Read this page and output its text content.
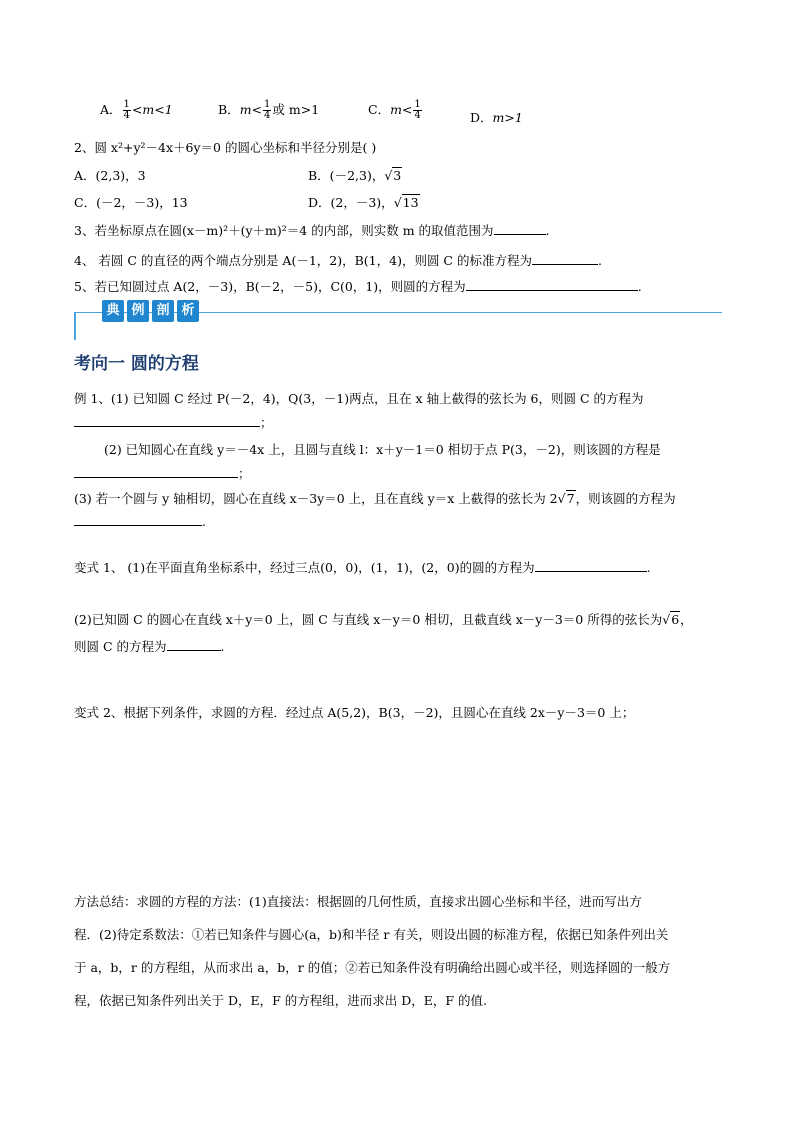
A． $\frac{1}{4} <m<1$	B．$m< \frac{1}{4}$ 或 m>1	C．$m< \frac{1}{4}$	D．m>1
2、圆 x²+y²－4x＋6y＝0 的圆心坐标和半径分别是( )
A．(2,3)，3	B．(－2,3)，√3
C．(－2，－3)，13	D．(2，－3)，√13
3、若坐标原点在圆(x－m)²＋(y＋m)²＝4 的内部，则实数 m 的取值范围为	.
4、 若圆 C 的直径的两个端点分别是 A(－1，2)，B(1，4)，则圆 C 的标准方程为	.
5、若已知圆过点 A(2，－3)，B(－2，－5)，C(0，1)，则圆的方程为	.
典 例 剖 析
考向一 圆的方程
例 1、(1) 已知圆 C 经过 P(－2，4)，Q(3，－1)两点，且在 x 轴上截得的弦长为 6，则圆 C 的方程为
；
(2) 已知圆心在直线 y＝－4x 上，且圆与直线 l：x＋y－1＝0 相切于点 P(3，－2)，则该圆的方程是
；
(3) 若一个圆与 y 轴相切，圆心在直线 x－3y＝0 上，且在直线 y＝x 上截得的弦长为 2√7，则该圆的方程为
.
变式 1、 (1)在平面直角坐标系中，经过三点(0，0)，(1，1)，(2，0)的圆的方程为	.
(2)已知圆 C 的圆心在直线 x＋y＝0 上，圆 C 与直线 x－y＝0 相切，且截直线 x－y－3＝0 所得的弦长为√6，
则圆 C 的方程为	.
变式 2、根据下列条件，求圆的方程．经过点 A(5,2)，B(3，－2)，且圆心在直线 2x－y－3＝0 上；
方法总结：求圆的方程的方法：(1)直接法：根据圆的几何性质，直接求出圆心坐标和半径，进而写出方
程．(2)待定系数法：①若已知条件与圆心(a，b)和半径 r 有关，则设出圆的标准方程，依据已知条件列出关
于 a，b，r 的方程组，从而求出 a，b，r 的值；②若已知条件没有明确给出圆心或半径，则选择圆的一般方
程，依据已知条件列出关于 D，E，F 的方程组，进而求出 D，E，F 的值.
